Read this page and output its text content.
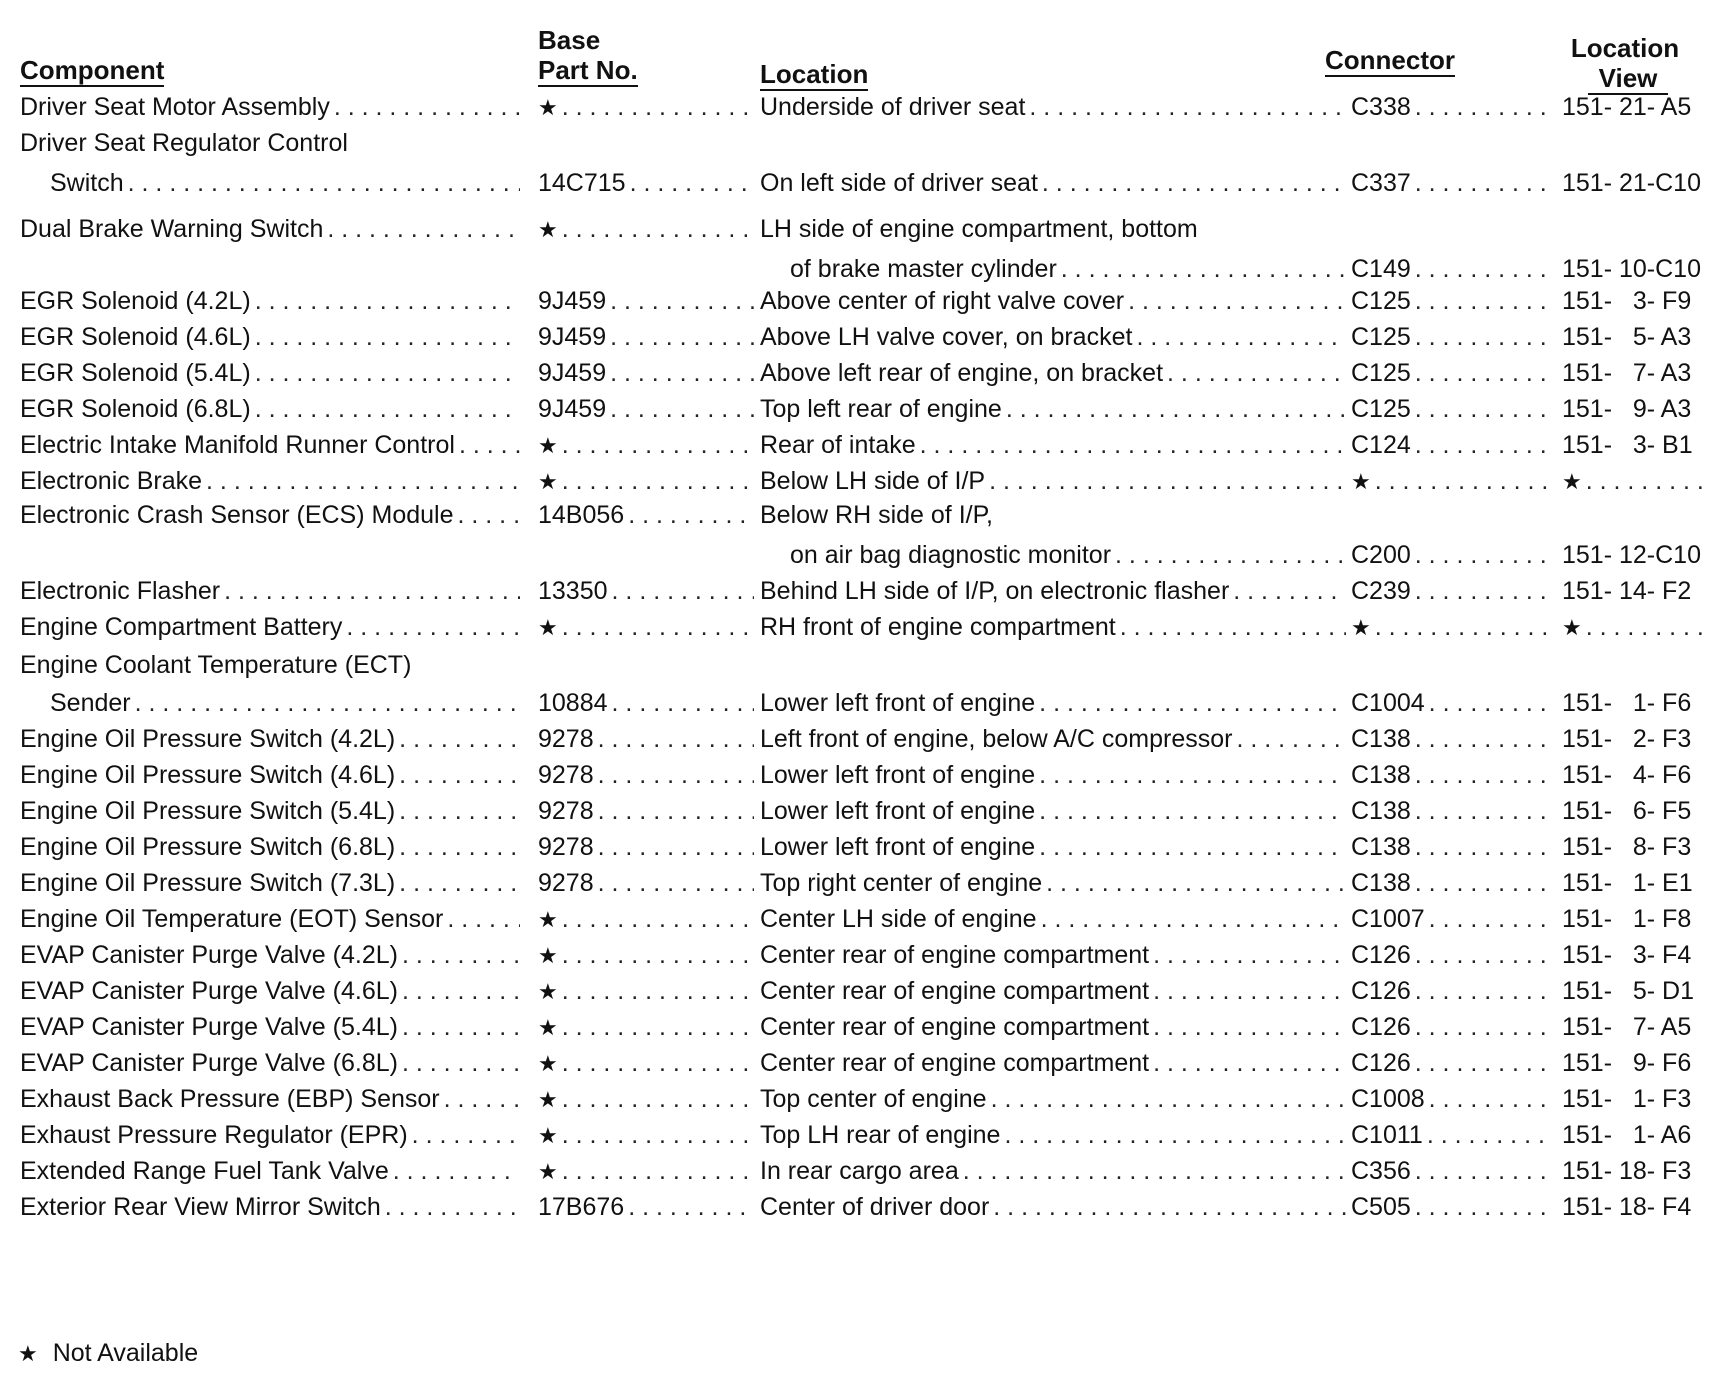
Component
Base
Part No.	Location	Connector	Location
View
Driver Seat Motor Assembly . . .	★ . . .	Underside of driver seat . . .	C338 . . .	151- 21- A5
Driver Seat Regulator Control
Switch . . .	14C715 . . .	On left side of driver seat . . .	C337 . . .	151- 21-C10
Dual Brake Warning Switch . . .	★ . . .	LH side of engine compartment, bottom
of brake master cylinder . . .	C149 . . .	151- 10-C10
EGR Solenoid (4.2L) . . .	9J459 . . .	Above center of right valve cover . . .	C125 . . .	151-   3- F9
EGR Solenoid (4.6L) . . .	9J459 . . .	Above LH valve cover, on bracket . . .	C125 . . .	151-   5- A3
EGR Solenoid (5.4L) . . .	9J459 . . .	Above left rear of engine, on bracket . . .	C125 . . .	151-   7- A3
EGR Solenoid (6.8L) . . .	9J459 . . .	Top left rear of engine . . .	C125 . . .	151-   9- A3
Electric Intake Manifold Runner Control . . .	★ . . .	Rear of intake . . .	C124 . . .	151-   3- B1
Electronic Brake . . .	★ . . .	Below LH side of I/P . . .	★ . . .	★
. . .
Electronic Crash Sensor (ECS) Module . . .	14B056 . . .	Below RH side of I/P,
on air bag diagnostic monitor . . .	C200 . . .	151- 12-C10
Electronic Flasher . . .	13350 . . .	Behind LH side of I/P, on electronic flasher . . .	C239 . . .	151- 14- F2
Engine Compartment Battery . . .	★ . . .	RH front of engine compartment . . .	★ . . .	★
. . .
Engine Coolant Temperature (ECT)
Sender . . .	10884 . . .	Lower left front of engine . . .	C1004 . . .	151-   1- F6
Engine Oil Pressure Switch (4.2L) . . .	9278 . . .	Left front of engine, below A/C compressor . . .	C138 . . .	151-   2- F3
Engine Oil Pressure Switch (4.6L) . . .	9278 . . .	Lower left front of engine . . .	C138 . . .	151-   4- F6
Engine Oil Pressure Switch (5.4L) . . .	9278 . . .	Lower left front of engine . . .	C138 . . .	151-   6- F5
Engine Oil Pressure Switch (6.8L) . . .	9278 . . .	Lower left front of engine . . .	C138 . . .	151-   8- F3
Engine Oil Pressure Switch (7.3L) . . .	9278 . . .	Top right center of engine . . .	C138 . . .	151-   1- E1
Engine Oil Temperature (EOT) Sensor . . .	★ . . .	Center LH side of engine . . .	C1007 . . .	151-   1- F8
EVAP Canister Purge Valve (4.2L) . . .	★ . . .	Center rear of engine compartment . . .	C126 . . .	151-   3- F4
EVAP Canister Purge Valve (4.6L) . . .	★ . . .	Center rear of engine compartment . . .	C126 . . .	151-   5- D1
EVAP Canister Purge Valve (5.4L) . . .	★ . . .	Center rear of engine compartment . . .	C126 . . .	151-   7- A5
EVAP Canister Purge Valve (6.8L) . . .	★ . . .	Center rear of engine compartment . . .	C126 . . .	151-   9- F6
Exhaust Back Pressure (EBP) Sensor . . .	★ . . .	Top center of engine . . .	C1008 . . .	151-   1- F3
Exhaust Pressure Regulator (EPR) . . .	★ . . .	Top LH rear of engine . . .	C1011 . . .	151-   1- A6
Extended Range Fuel Tank Valve . . .	★ . . .	In rear cargo area . . .	C356 . . .	151- 18- F3
Exterior Rear View Mirror Switch . . .	17B676 . . .	Center of driver door . . .	C505 . . .	151- 18- F4
★ Not Available
